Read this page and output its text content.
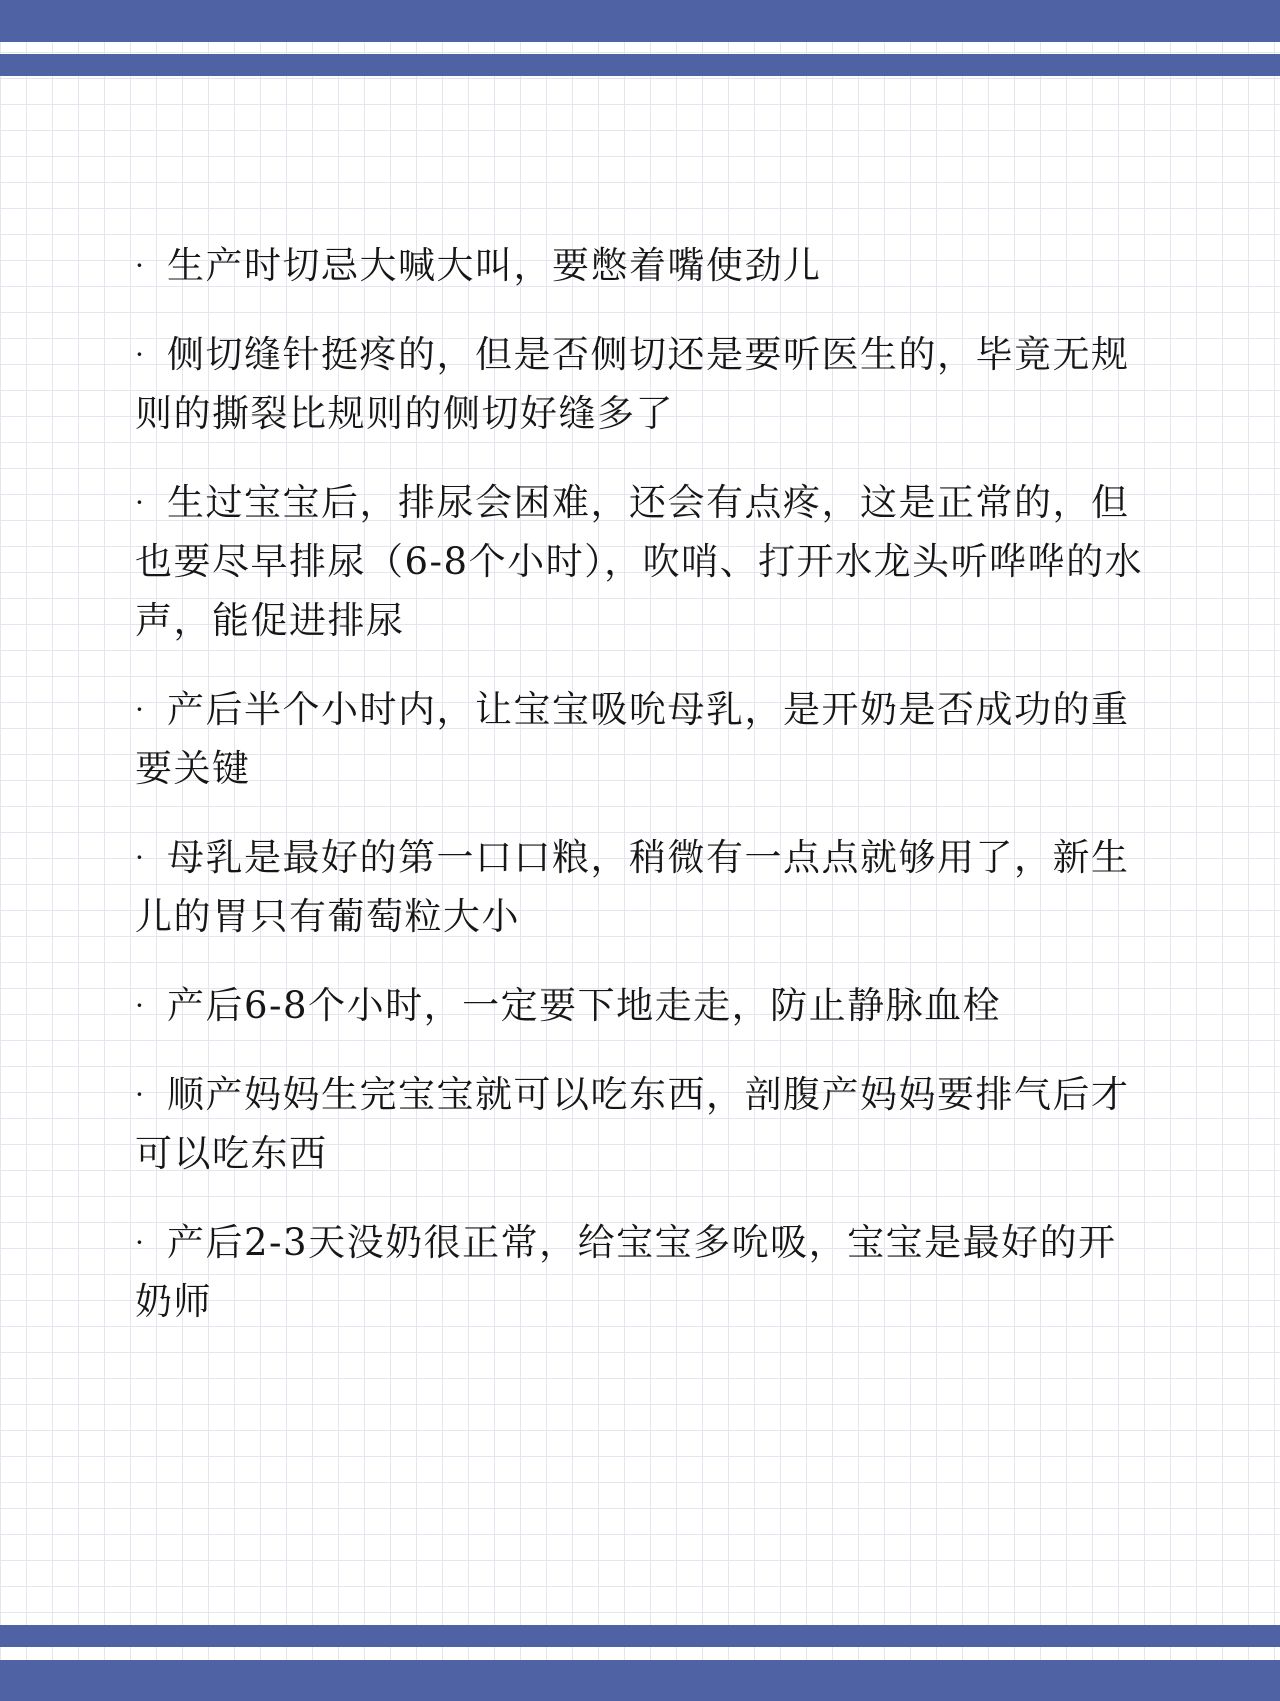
· 生产时切忌大喊大叫，要憋着嘴使劲儿
· 侧切缝针挺疼的，但是否侧切还是要听医生的，毕竟无规则的撕裂比规则的侧切好缝多了
· 生过宝宝后，排尿会困难，还会有点疼，这是正常的，但也要尽早排尿（6-8个小时），吹哨、打开水龙头听哗哗的水声，能促进排尿
· 产后半个小时内，让宝宝吸吮母乳，是开奶是否成功的重要关键
· 母乳是最好的第一口口粮，稍微有一点点就够用了，新生儿的胃只有葡萄粒大小
· 产后6-8个小时，一定要下地走走，防止静脉血栓
· 顺产妈妈生完宝宝就可以吃东西，剖腹产妈妈要排气后才可以吃东西
· 产后2-3天没奶很正常，给宝宝多吮吸，宝宝是最好的开奶师
